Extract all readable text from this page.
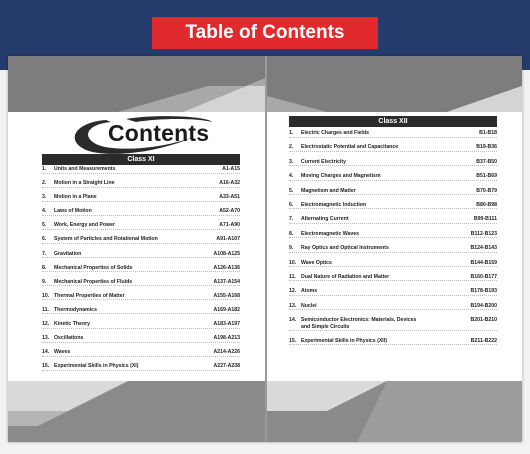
Table of Contents
Contents
Class XI
1.	Units and Measurements	A1-A15
2.	Motion in a Straight Line	A16-A32
3.	Motion in a Plane	A33-A51
4.	Laws of Motion	A52-A70
5.	Work, Energy and Power	A71-A90
6.	System of Particles and Rotational Motion	A91-A107
7.	Gravitation	A108-A125
8.	Mechanical Properties of Solids	A126-A136
9.	Mechanical Properties of Fluids	A137-A154
10. Thermal Properties of Matter	A155-A168
11. Thermodynamics	A169-A182
12. Kinetic Theory	A183-A197
13. Oscillations	A198-A213
14. Waves	A214-A226
15. Experimental Skills in Physics (XI)	A227-A238
Class XII
1.	Electric Charges and Fields	B1-B18
2.	Electrostatic Potential and Capacitance	B19-B36
3.	Current Electricity	B37-B50
4.	Moving Charges and Magnetism	B51-B69
5.	Magnetism and Matter	B70-B79
6.	Electromagnetic Induction	B80-B98
7.	Alternating Current	B99-B111
8.	Electromagnetic Waves	B112-B123
9.	Ray Optics and Optical Instruments	B124-B143
10. Wave Optics	B144-B159
11. Dual Nature of Radiation and Matter	B160-B177
12. Atoms	B178-B193
13. Nuclei	B194-B200
14. Semiconductor Electronics: Materials, Devices and Simple Circuits
B201-B210
15. Experimental Skills in Physics (XII)	B211-B222
